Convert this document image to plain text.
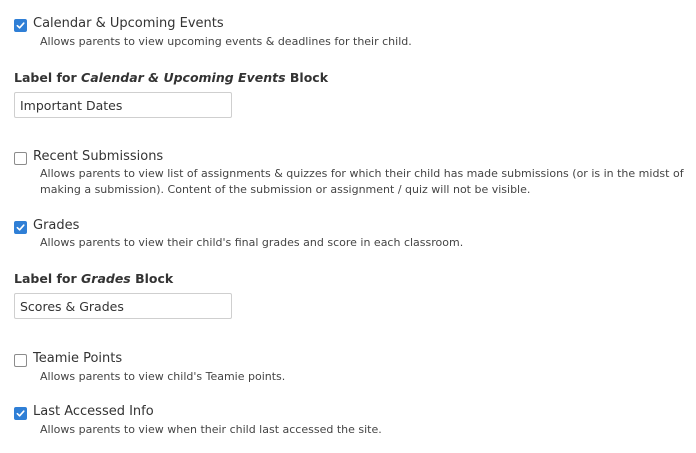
Calendar & Upcoming Events
Allows parents to view upcoming events & deadlines for their child.
Label for Calendar & Upcoming Events Block
Important Dates
Recent Submissions
Allows parents to view list of assignments & quizzes for which their child has made submissions (or is in the midst of making a submission). Content of the submission or assignment / quiz will not be visible.
Grades
Allows parents to view their child's final grades and score in each classroom.
Label for Grades Block
Scores & Grades
Teamie Points
Allows parents to view child's Teamie points.
Last Accessed Info
Allows parents to view when their child last accessed the site.
